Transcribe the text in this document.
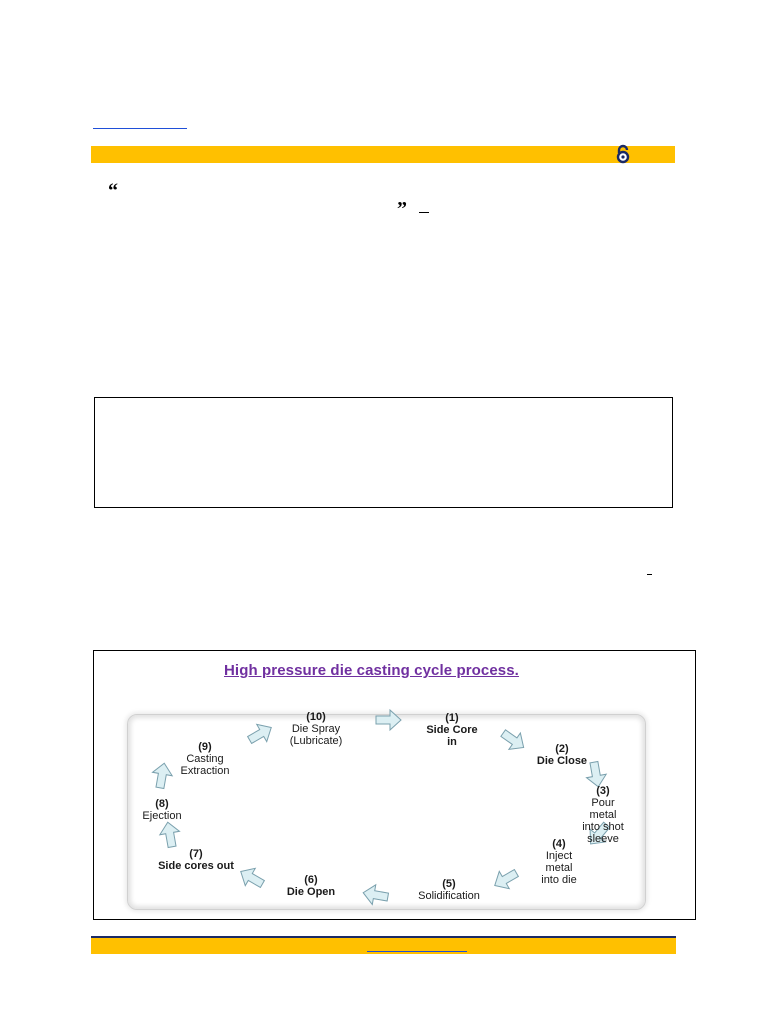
“
”
High pressure die casting cycle process.
(1)
Side Core
in
(2)
Die Close
(3)
Pour
metal
into shot
sleeve
(4)
Inject
metal
into die
(5)
Solidification
(6)
Die Open
(7)
Side cores out
(8)
Ejection
(9)
Casting
Extraction
(10)
Die Spray
(Lubricate)
